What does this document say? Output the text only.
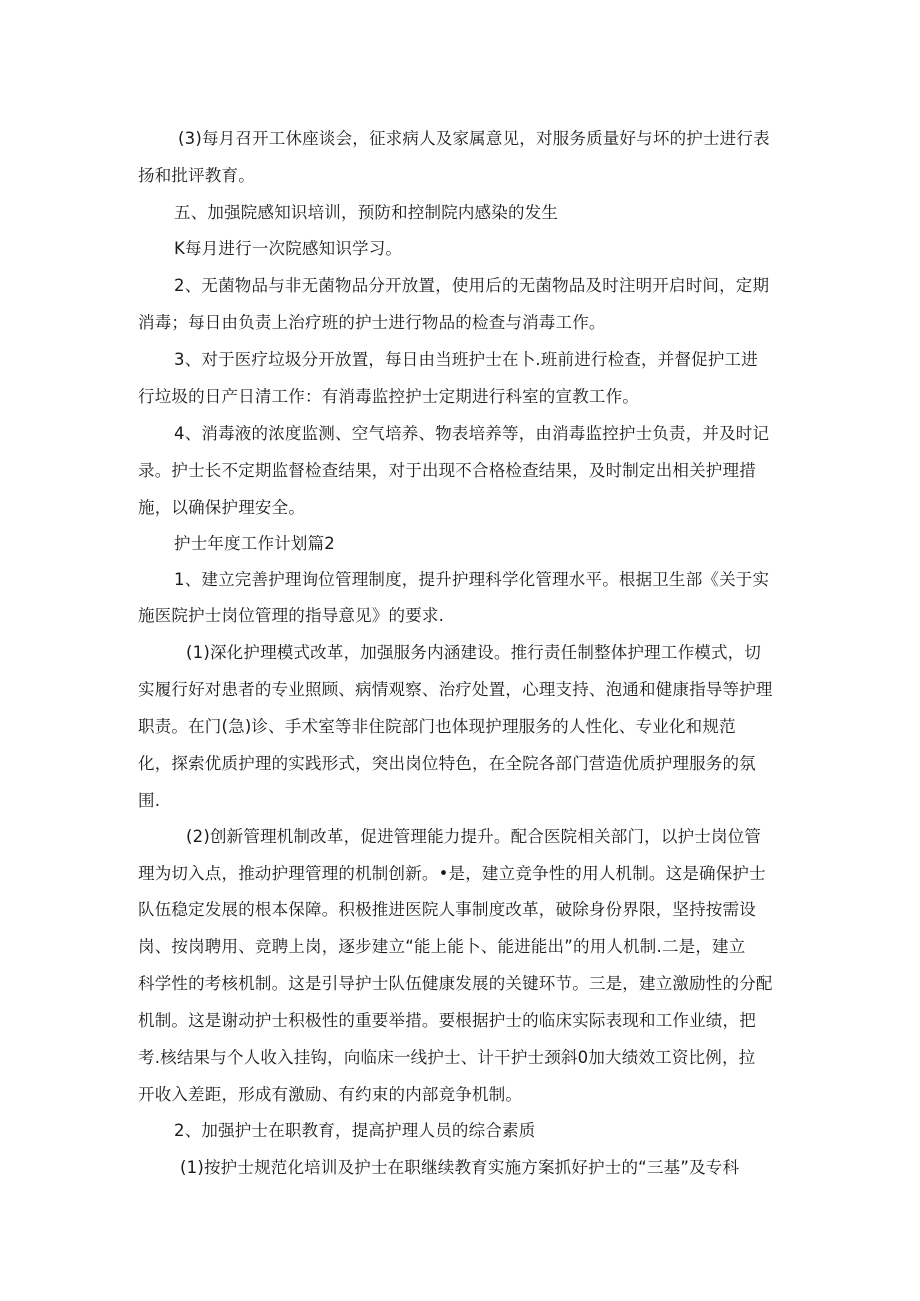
(3)每月召开工休座谈会，征求病人及家属意见，对服务质量好与坏的护士进行表
扬和批评教育。
五、加强院感知识培训，预防和控制院内感染的发生
K每月进行一次院感知识学习。
2、无菌物品与非无菌物品分开放置，使用后的无菌物品及时注明开启时间，定期
消毒；每日由负责上治疗班的护士进行物品的检查与消毒工作。
3、对于医疗垃圾分开放置，每日由当班护士在卜.班前进行检查，并督促护工进
行垃圾的日产日清工作：有消毒监控护士定期进行科室的宣教工作。
4、消毒液的浓度监测、空气培养、物表培养等，由消毒监控护士负责，并及时记
录。护士长不定期监督检查结果，对于出现不合格检查结果，及时制定出相关护理措
施，以确保护理安全。
护士年度工作计划篇2
1、建立完善护理询位管理制度，提升护理科学化管理水平。根据卫生部《关于实
施医院护士岗位管理的指导意见》的要求.
(1)深化护理模式改革，加强服务内涵建设。推行责任制整体护理工作模式，切
实履行好对患者的专业照顾、病情观察、治疗处置，心理支持、泡通和健康指导等护理
职责。在门(急)诊、手术室等非住院部门也体现护理服务的人性化、专业化和规范
化，探索优质护理的实践形式，突出岗位特色，在全院各部门营造优质护理服务的氛
围.
(2)创新管理机制改革，促进管理能力提升。配合医院相关部门，以护士岗位管
理为切入点，推动护理管理的机制创新。•是，建立竞争性的用人机制。这是确保护士
队伍稳定发展的根本保障。积极推进医院人事制度改革，破除身份界限，坚持按需设
岗、按岗聘用、竞聘上岗，逐步建立“能上能卜、能进能出”的用人机制.二是，建立
科学性的考核机制。这是引导护士队伍健康发展的关键环节。三是，建立激励性的分配
机制。这是谢动护士积极性的重要举措。要根据护士的临床实际表现和工作业绩，把
考.核结果与个人收入挂钩，向临床一线护士、计干护士颈斜0加大绩效工资比例，拉
开收入差距，形成有激励、有约束的内部竞争机制。
2、加强护士在职教育，提高护理人员的综合素质
(1)按护士规范化培训及护士在职继续教育实施方案抓好护士的“三基”及专科
